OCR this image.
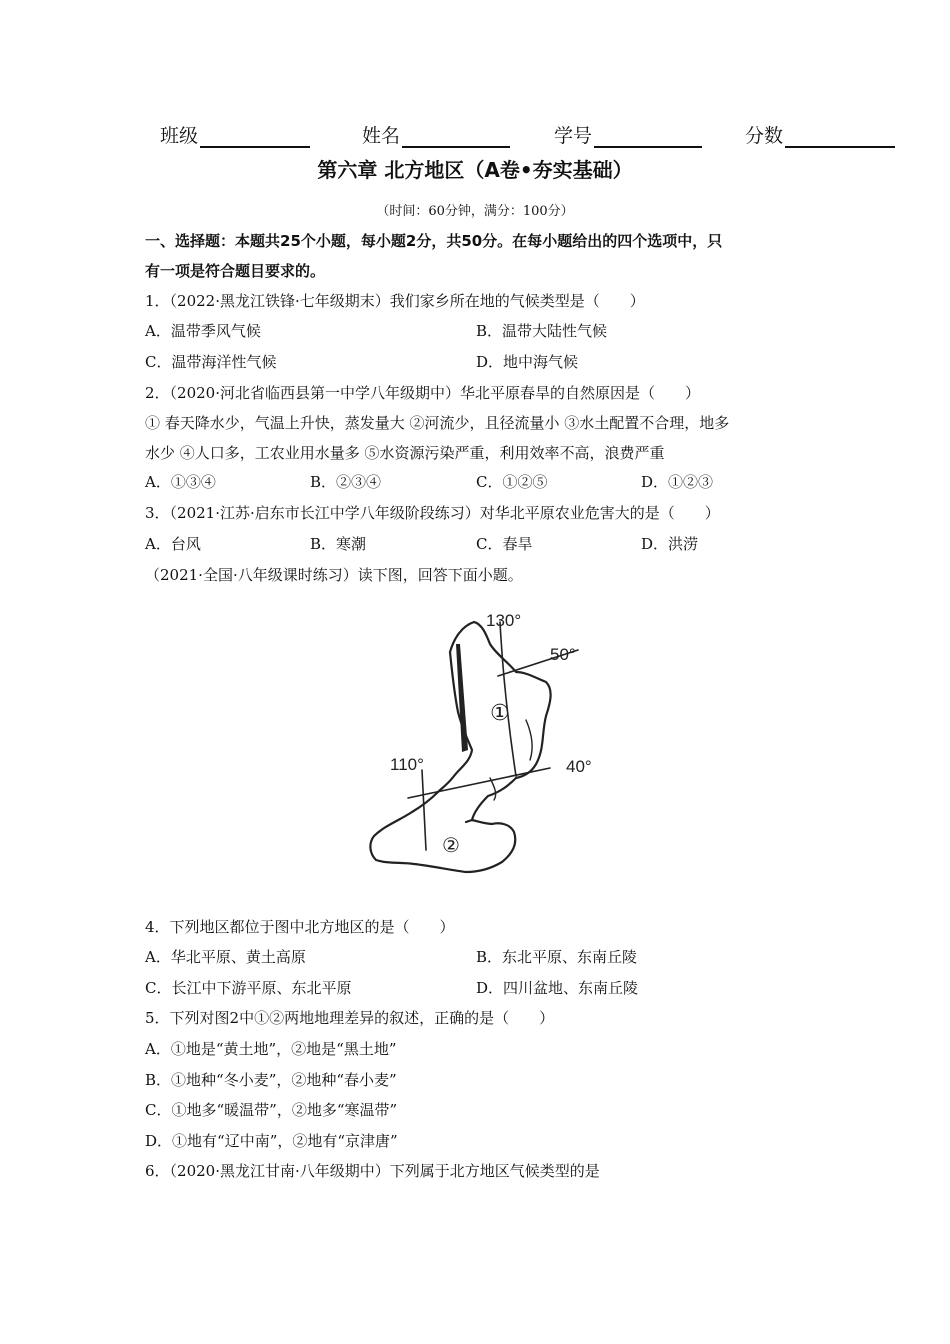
班级	姓名	学号	分数
第六章 北方地区（A卷•夯实基础）
（时间：60分钟，满分：100分）
一、选择题：本题共25个小题，每小题2分，共50分。在每小题给出的四个选项中，只
有一项是符合题目要求的。
1．（2022·黑龙江铁锋·七年级期末）我们家乡所在地的气候类型是（　　）
A．温带季风气候	B．温带大陆性气候
C．温带海洋性气候	D．地中海气候
2．（2020·河北省临西县第一中学八年级期中）华北平原春旱的自然原因是（　　）
① 春天降水少，气温上升快，蒸发量大 ②河流少，且径流量小 ③水土配置不合理，地多
水少 ④人口多，工农业用水量多 ⑤水资源污染严重，利用效率不高，浪费严重
A．①③④	B．②③④	C．①②⑤	D．①②③
3．（2021·江苏·启东市长江中学八年级阶段练习）对华北平原农业危害大的是（　　）
A．台风	B．寒潮	C．春旱	D．洪涝
（2021·全国·八年级课时练习）读下图，回答下面小题。
130°
50°
110°	40°
①
②
4．下列地区都位于图中北方地区的是（　　）
A．华北平原、黄土高原	B．东北平原、东南丘陵
C．长江中下游平原、东北平原	D．四川盆地、东南丘陵
5．下列对图2中①②两地地理差异的叙述，正确的是（　　）
A．①地是“黄土地”，②地是“黑土地”
B．①地种“冬小麦”，②地种“春小麦”
C．①地多“暖温带”，②地多“寒温带”
D．①地有“辽中南”，②地有“京津唐”
6．（2020·黑龙江甘南·八年级期中）下列属于北方地区气候类型的是
